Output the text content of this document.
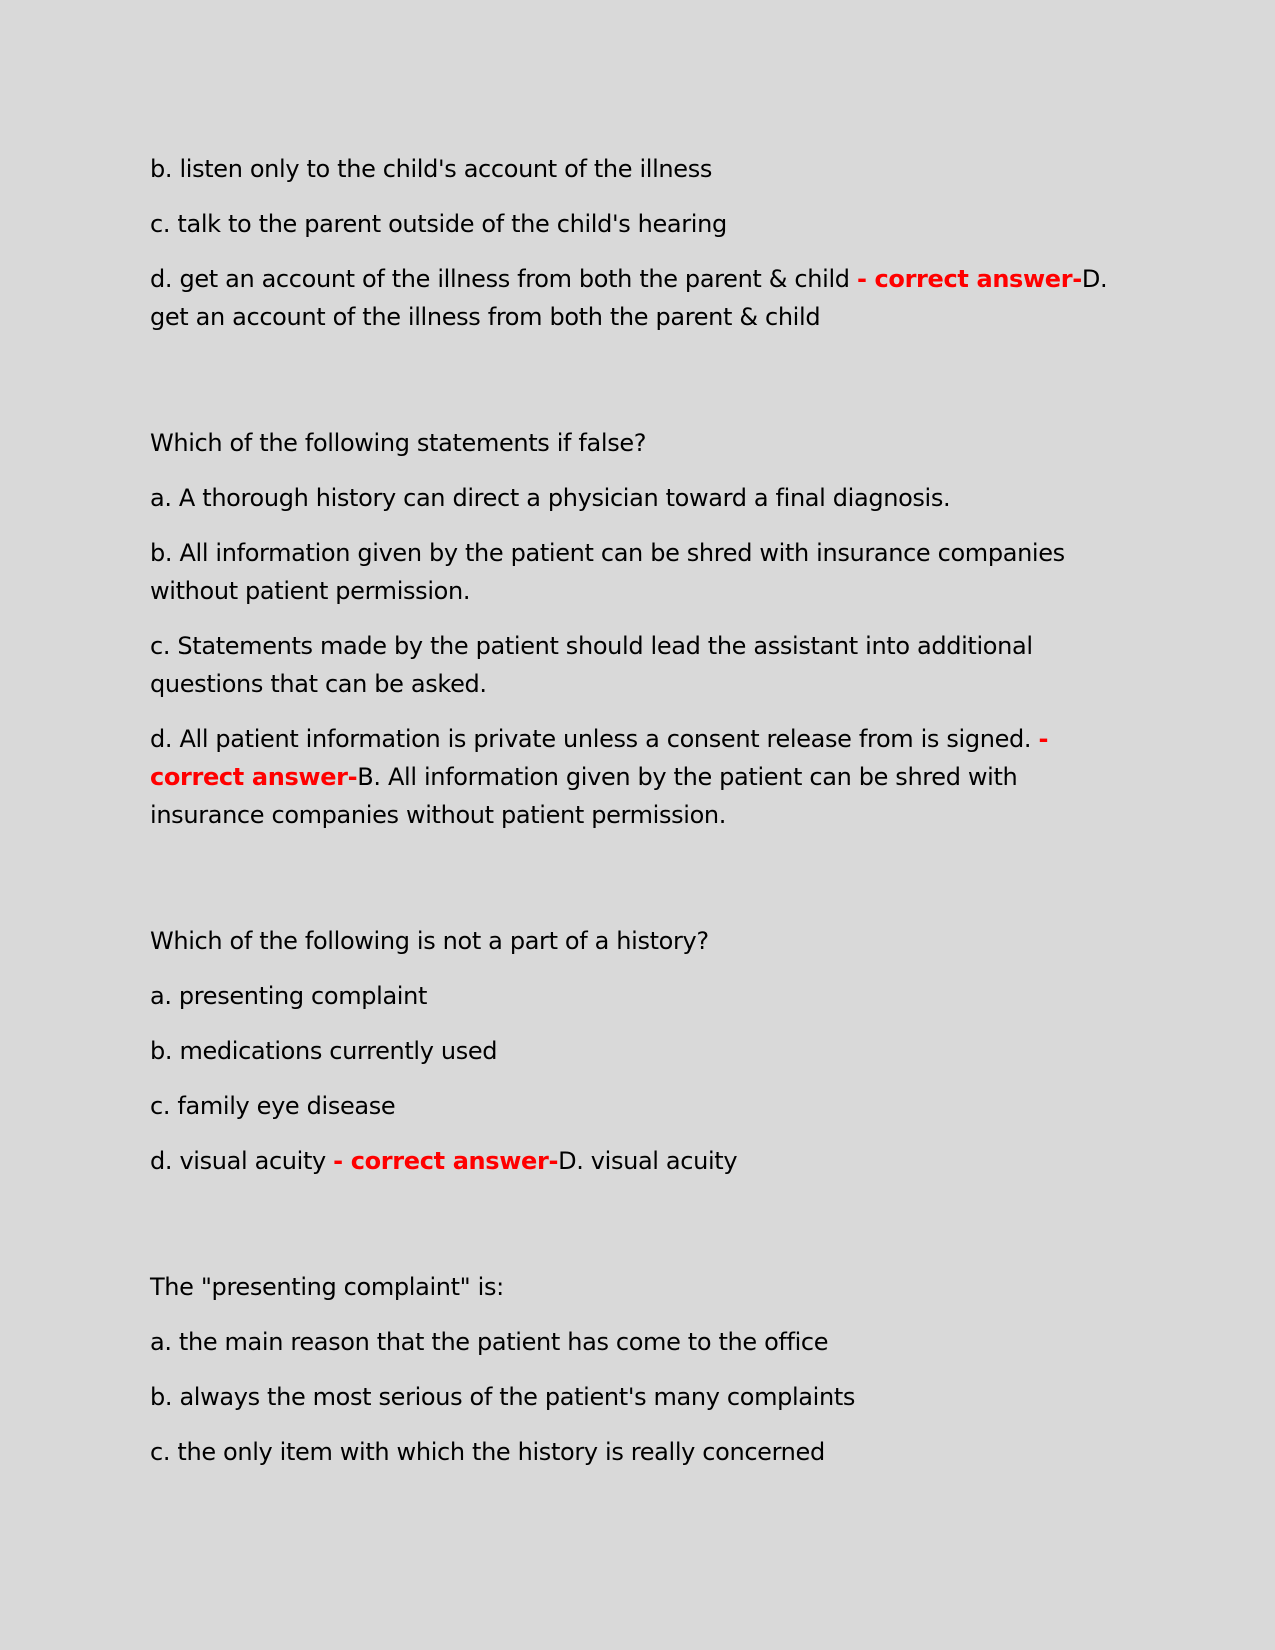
b. listen only to the child's account of the illness

c. talk to the parent outside of the child's hearing

d. get an account of the illness from both the parent & child - correct answer-D. get an account of the illness from both the parent & child

Which of the following statements if false?

a. A thorough history can direct a physician toward a final diagnosis.

b. All information given by the patient can be shred with insurance companies without patient permission.

c. Statements made by the patient should lead the assistant into additional questions that can be asked.

d. All patient information is private unless a consent release from is signed. - correct answer-B. All information given by the patient can be shred with insurance companies without patient permission.

Which of the following is not a part of a history?

a. presenting complaint

b. medications currently used

c. family eye disease

d. visual acuity - correct answer-D. visual acuity

The "presenting complaint" is:

a. the main reason that the patient has come to the office

b. always the most serious of the patient's many complaints

c. the only item with which the history is really concerned
